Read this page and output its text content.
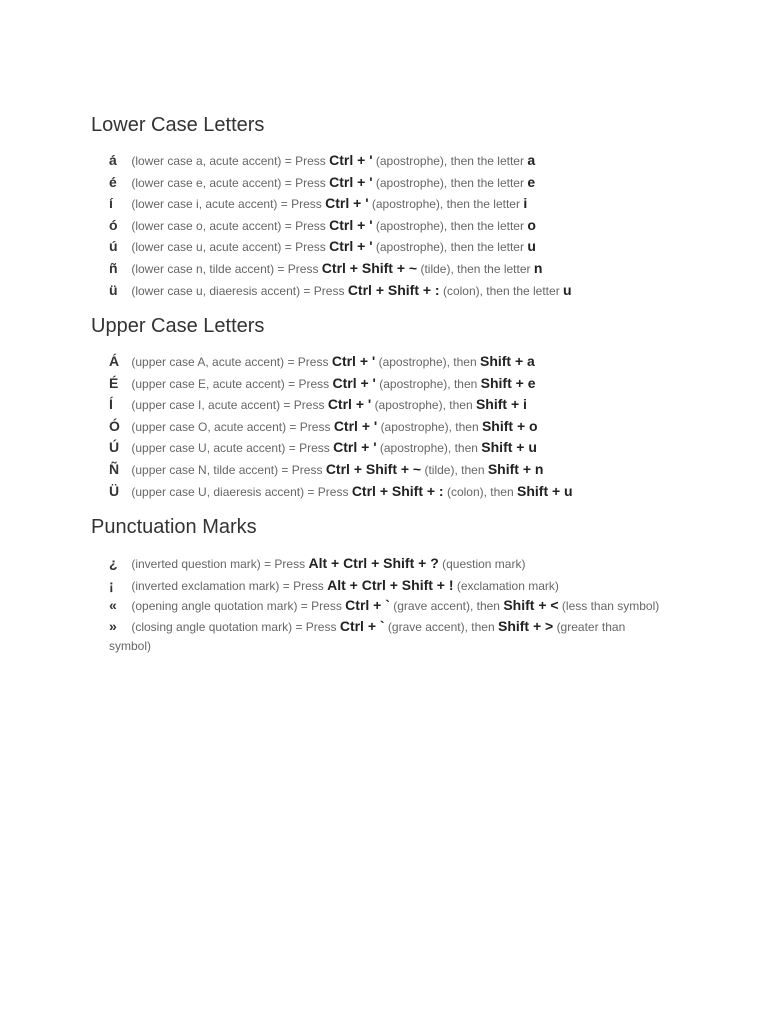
Lower Case Letters
á (lower case a, acute accent) = Press Ctrl + ' (apostrophe), then the letter a
é (lower case e, acute accent) = Press Ctrl + ' (apostrophe), then the letter e
í (lower case i, acute accent) = Press Ctrl + ' (apostrophe), then the letter i
ó (lower case o, acute accent) = Press Ctrl + ' (apostrophe), then the letter o
ú (lower case u, acute accent) = Press Ctrl + ' (apostrophe), then the letter u
ñ (lower case n, tilde accent) = Press Ctrl + Shift + ~ (tilde), then the letter n
ü (lower case u, diaeresis accent) = Press Ctrl + Shift + : (colon), then the letter u
Upper Case Letters
Á (upper case A, acute accent) = Press Ctrl + ' (apostrophe), then Shift + a
É (upper case E, acute accent) = Press Ctrl + ' (apostrophe), then Shift + e
Í (upper case I, acute accent) = Press Ctrl + ' (apostrophe), then Shift + i
Ó (upper case O, acute accent) = Press Ctrl + ' (apostrophe), then Shift + o
Ú (upper case U, acute accent) = Press Ctrl + ' (apostrophe), then Shift + u
Ñ (upper case N, tilde accent) = Press Ctrl + Shift + ~ (tilde), then Shift + n
Ü (upper case U, diaeresis accent) = Press Ctrl + Shift + : (colon), then Shift + u
Punctuation Marks
¿ (inverted question mark) = Press Alt + Ctrl + Shift + ? (question mark)
¡ (inverted exclamation mark) = Press Alt + Ctrl + Shift + ! (exclamation mark)
« (opening angle quotation mark) = Press Ctrl + ` (grave accent), then Shift + < (less than symbol)
» (closing angle quotation mark) = Press Ctrl + ` (grave accent), then Shift + > (greater than symbol)
